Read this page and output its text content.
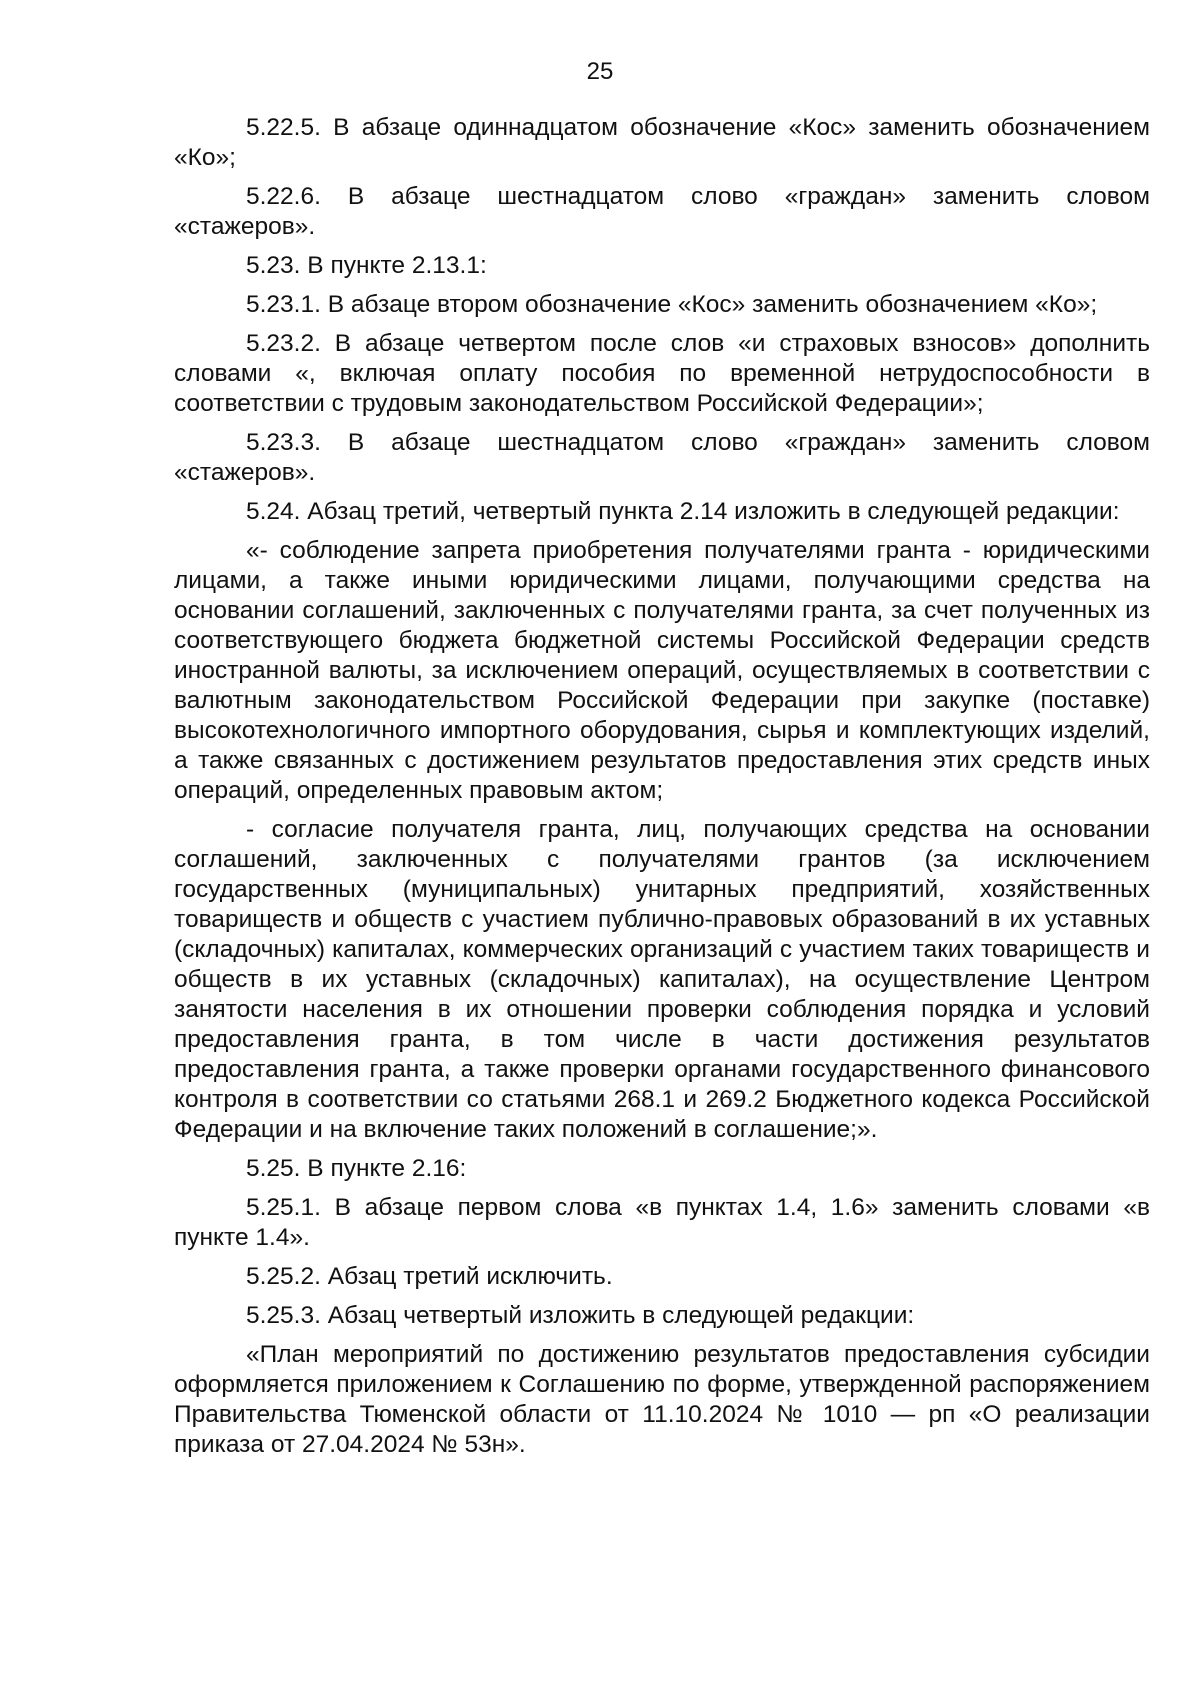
25

5.22.5. В абзаце одиннадцатом обозначение «Кос» заменить обозначением «Ко»;

5.22.6. В абзаце шестнадцатом слово «граждан» заменить словом «стажеров».

5.23. В пункте 2.13.1:

5.23.1. В абзаце втором обозначение «Кос» заменить обозначением «Ко»;

5.23.2. В абзаце четвертом после слов «и страховых взносов» дополнить словами «, включая оплату пособия по временной нетрудоспособности в соответствии с трудовым законодательством Российской Федерации»;

5.23.3. В абзаце шестнадцатом слово «граждан» заменить словом «стажеров».

5.24. Абзац третий, четвертый пункта 2.14 изложить в следующей редакции:

«- соблюдение запрета приобретения получателями гранта - юридическими лицами, а также иными юридическими лицами, получающими средства на основании соглашений, заключенных с получателями гранта, за счет полученных из соответствующего бюджета бюджетной системы Российской Федерации средств иностранной валюты, за исключением операций, осуществляемых в соответствии с валютным законодательством Российской Федерации при закупке (поставке) высокотехнологичного импортного оборудования, сырья и комплектующих изделий, а также связанных с достижением результатов предоставления этих средств иных операций, определенных правовым актом;

- согласие получателя гранта, лиц, получающих средства на основании соглашений, заключенных с получателями грантов (за исключением государственных (муниципальных) унитарных предприятий, хозяйственных товариществ и обществ с участием публично-правовых образований в их уставных (складочных) капиталах, коммерческих организаций с участием таких товариществ и обществ в их уставных (складочных) капиталах), на осуществление Центром занятости населения в их отношении проверки соблюдения порядка и условий предоставления гранта, в том числе в части достижения результатов предоставления гранта, а также проверки органами государственного финансового контроля в соответствии со статьями 268.1 и 269.2 Бюджетного кодекса Российской Федерации и на включение таких положений в соглашение;».

5.25. В пункте 2.16:

5.25.1. В абзаце первом слова «в пунктах 1.4, 1.6» заменить словами «в пункте 1.4».

5.25.2. Абзац третий исключить.

5.25.3. Абзац четвертый изложить в следующей редакции:

«План мероприятий по достижению результатов предоставления субсидии оформляется приложением к Соглашению по форме, утвержденной распоряжением Правительства Тюменской области от 11.10.2024 № 1010 — рп «О реализации приказа от 27.04.2024 № 53н».
